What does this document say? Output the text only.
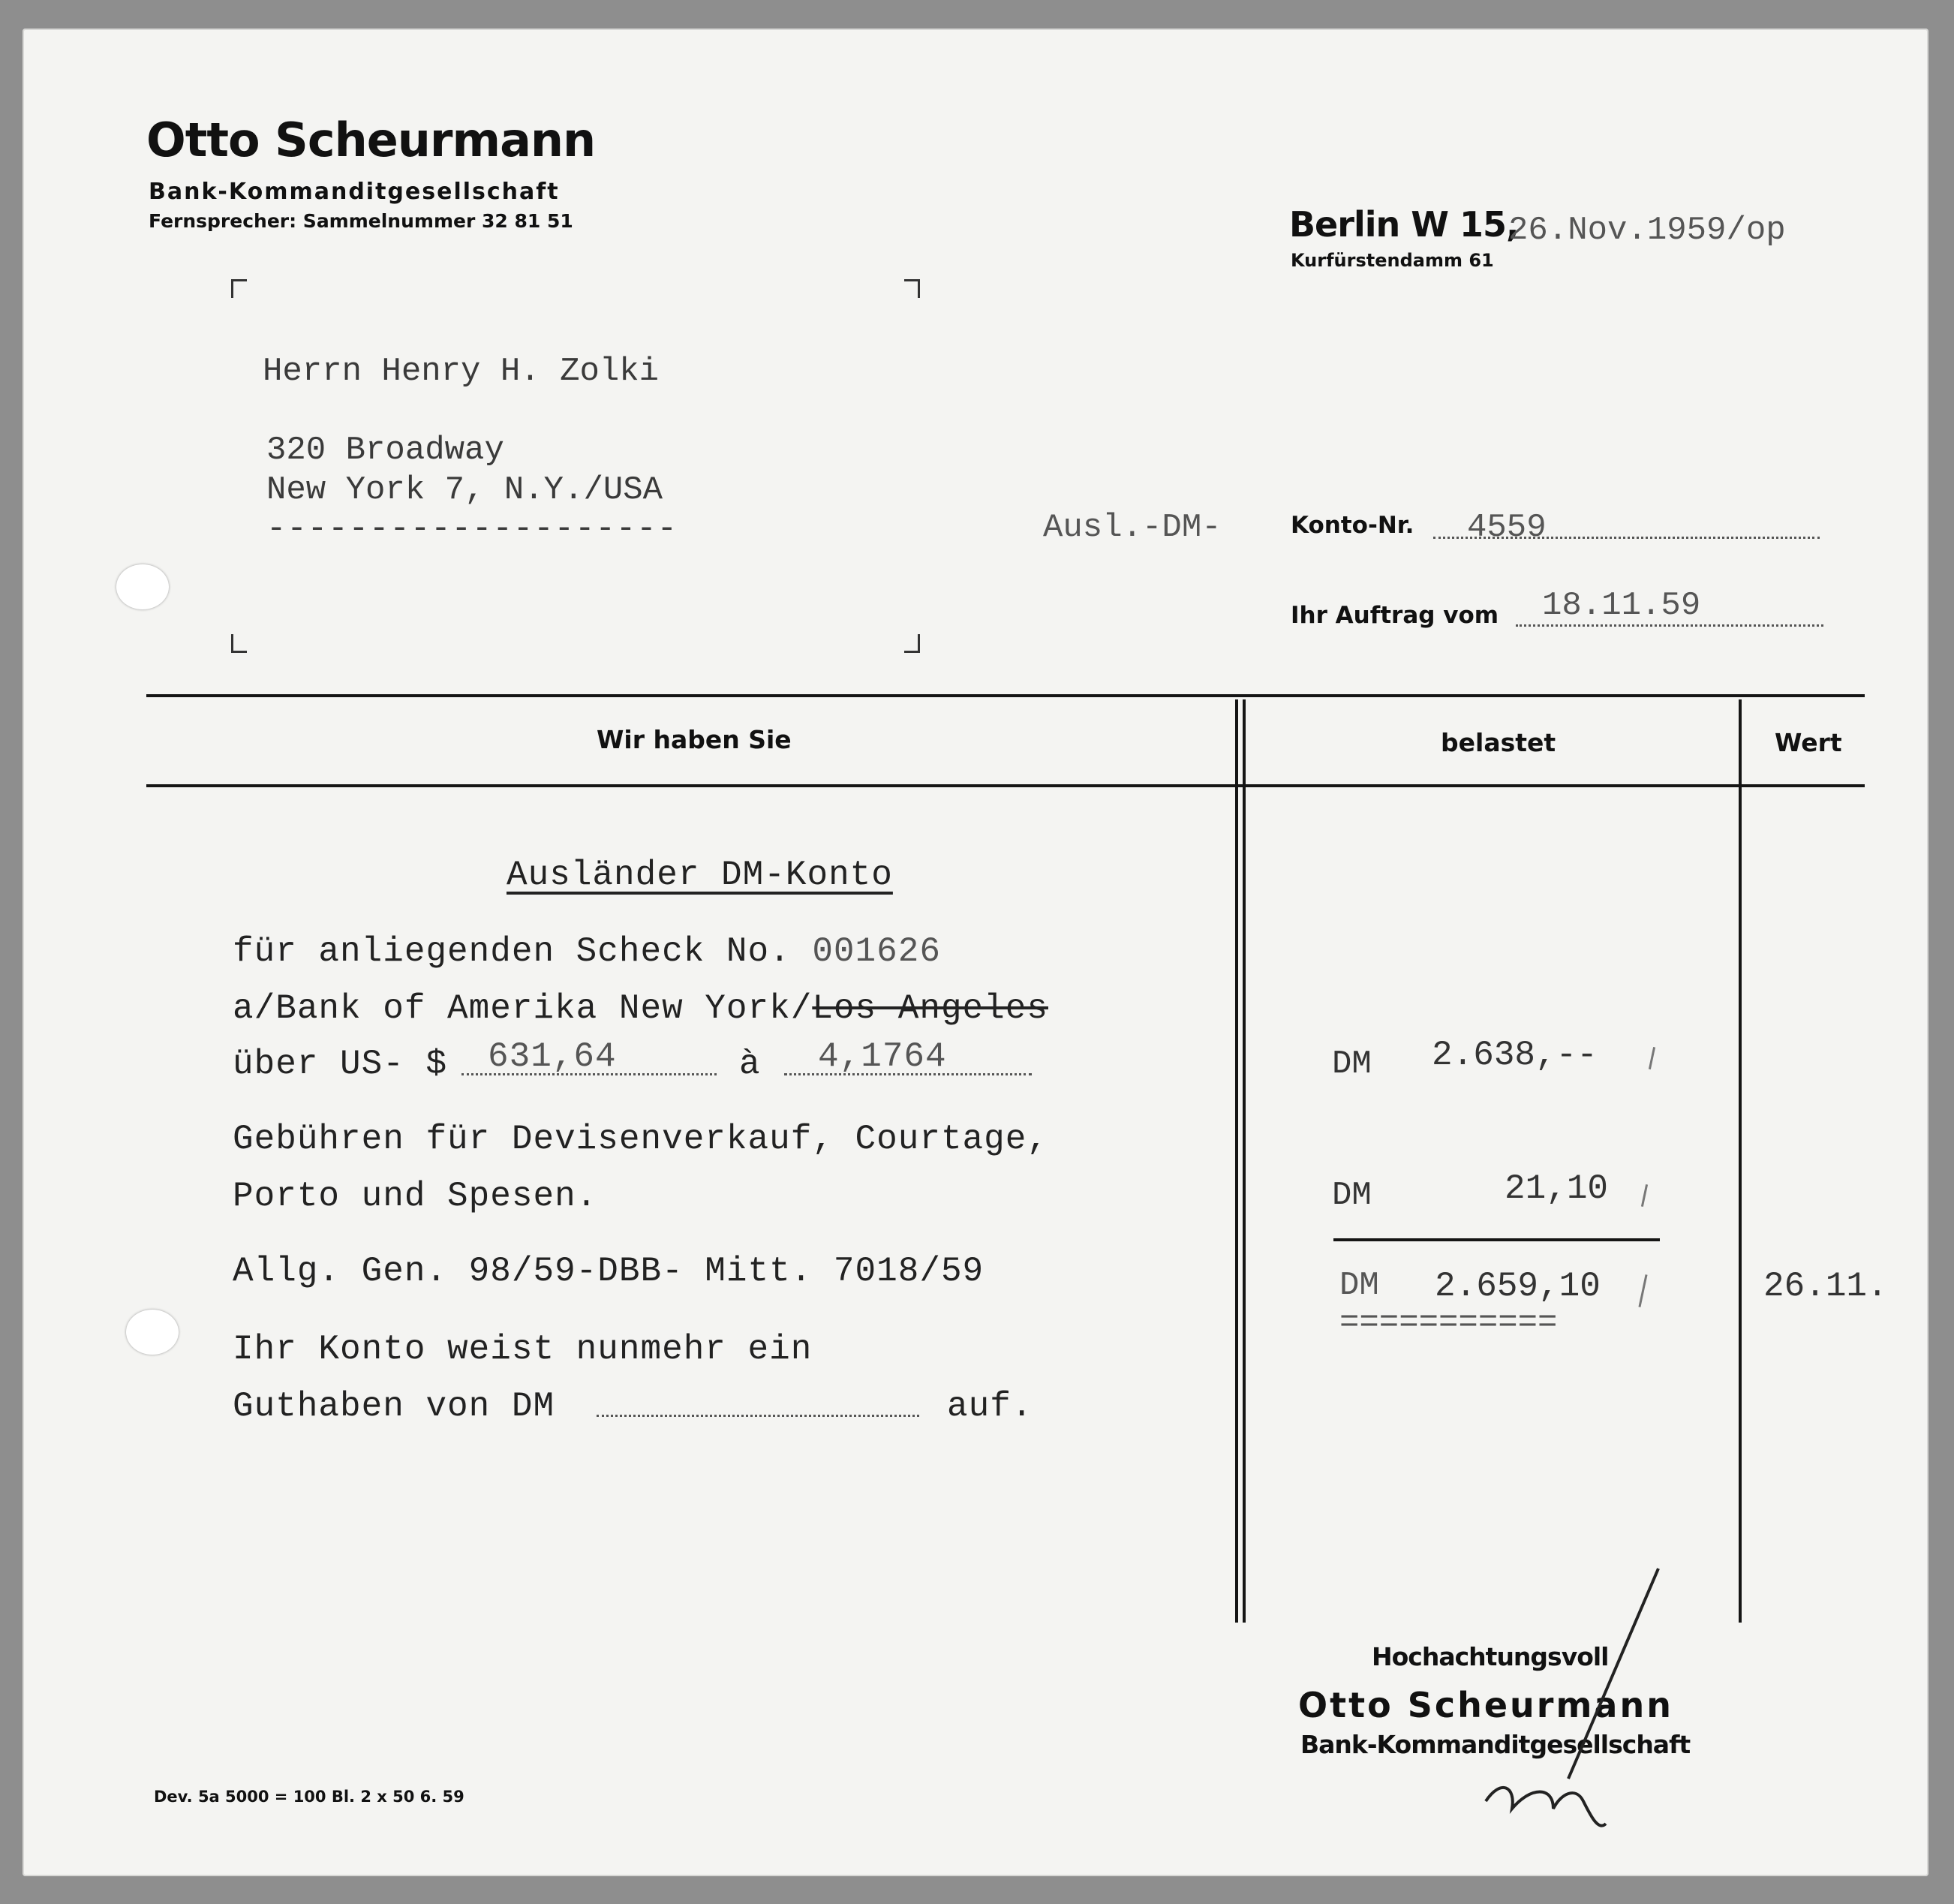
Otto Scheurmann
Bank-Kommanditgesellschaft
Fernsprecher: Sammelnummer 32 81 51	Berlin W 15,
26.Nov.1959/op
Kurfürstendamm 61
Herrn Henry H. Zolki
320 Broadway
New York 7, N.Y./USA
--------------------	Ausl.-DM-	Konto-Nr. 4559
Ihr Auftrag vom 18.11.59
Wir haben Sie	belastet	Wert
Ausländer DM-Konto
für anliegenden Scheck No. 001626
a/Bank of Amerika New York/Los Angeles
über US- $ 631,64	à 4,1764
Gebühren für Devisenverkauf, Courtage,
Porto und Spesen.
Allg. Gen. 98/59-DBB- Mitt. 7018/59
Ihr Konto weist nunmehr ein
Guthaben von DM	auf.
DM 2.638,--
DM	21,10
DM 2.659,10
===========
26.11.
Hochachtungsvoll
Otto Scheurmann
Bank-Kommanditgesellschaft
Dev. 5a 5000 = 100 Bl. 2 x 50 6. 59
